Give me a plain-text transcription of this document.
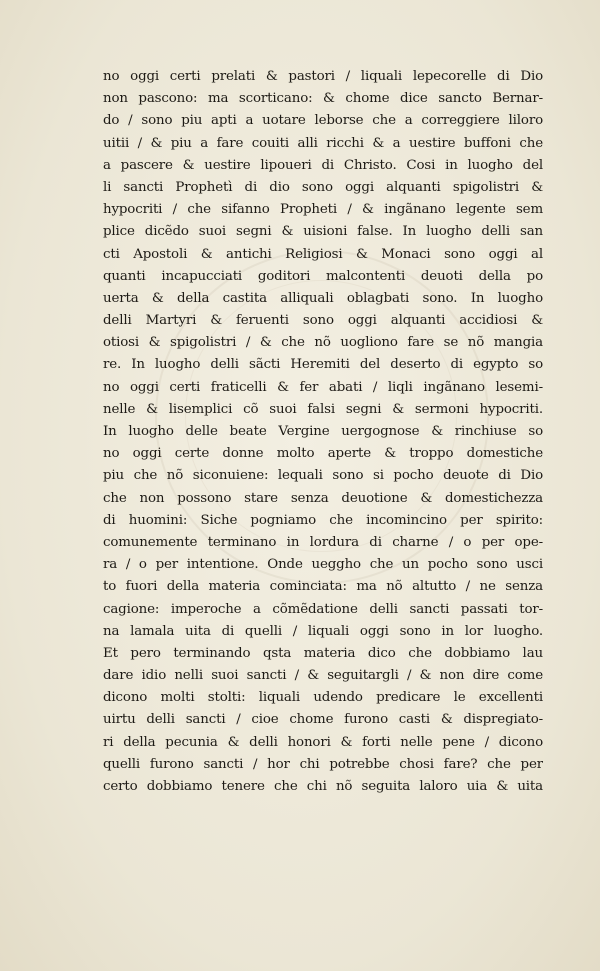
no oggi certi prelati & pastori / liquali lepecorelle di Dio
non pascono: ma scorticano: & chome dice sancto Bernar-
do / sono piu apti a uotare leborse che a correggiere liloro
uitii / & piu a fare couiti alli ricchi & a uestire buffoni che
a pascere & uestire lipoueri di Christo. Cosi in luogho del
li sancti Prophetì di dio sono oggi alquanti spigolistri &
hypocriti / che sifanno Propheti / & ingãnano legente sem
plice dicẽdo suoi segni & uisioni false. In luogho delli san
cti Apostoli & antichi Religiosi & Monaci sono oggi al
quanti incapucciati goditori malcontenti deuoti della po
uerta & della castita alliquali oblagbati sono. In luogho
delli Martyri & feruenti sono oggi alquanti accidiosi &
otiosi & spigolistri / & che nõ uogliono fare se nõ mangia
re. In luogho delli sãcti Heremiti del deserto di egypto so
no oggi certi fraticelli & fer abati / liqli ingãnano lesemi-
nelle & lisemplici cõ suoi falsi segni & sermoni hypocriti.
In luogho delle beate Vergine uergognose & rinchiuse so
no oggi certe donne molto aperte & troppo domestiche
piu che nõ siconuiene: lequali sono si pocho deuote di Dio
che non possono stare senza deuotione & domestichezza
di huomini: Siche pogniamo che incomincino per spirito:
comunemente terminano in lordura di charne / o per ope-
ra / o per intentione. Onde ueggho che un pocho sono usci
to fuori della materia cominciata: ma nõ altutto / ne senza
cagione: imperoche a cõmẽdatione delli sancti passati tor-
na lamala uita di quelli / liquali oggi sono in lor luogho.
Et pero terminando qsta materia dico che dobbiamo lau
dare idio nelli suoi sancti / & seguitargli / & non dire come
dicono molti stolti: liquali udendo predicare le excellenti
uirtu delli sancti / cioe chome furono casti & dispregiato-
ri della pecunia & delli honori & forti nelle pene / dicono
quelli furono sancti / hor chi potrebbe chosi fare? che per
certo dobbiamo tenere che chi nõ seguita laloro uia & uita
